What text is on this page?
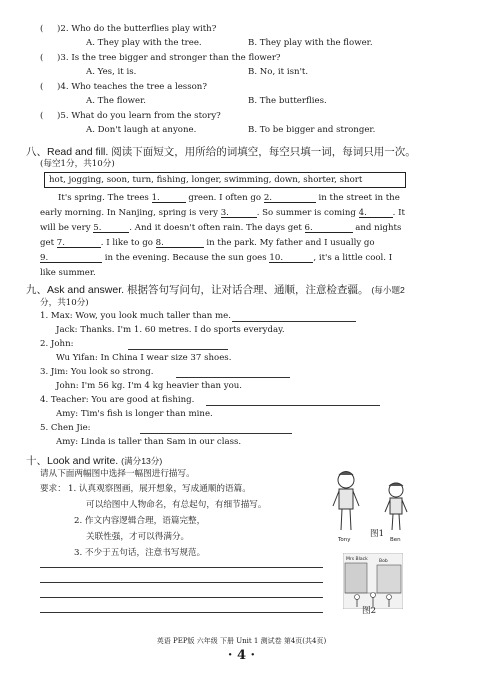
(     )2. Who do the butterflies play with?
A. They play with the tree.	B. They play with the flower.
(     )3. Is the tree bigger and stronger than the flower?
A. Yes, it is.	B. No, it isn't.
(     )4. Who teaches the tree a lesson?
A. The flower.	B. The butterflies.
(     )5. What do you learn from the story?
A. Don't laugh at anyone.	B. To be bigger and stronger.
八、Read and fill. 阅读下面短文，用所给的词填空，每空只填一词，每词只用一次。
(每空1分，共10分)
hot, jogging, soon, turn, fishing, longer, swimming, down, shorter, short
It's spring. The trees 1.	green. I often go 2.	in the street in the
early morning. In Nanjing, spring is very 3.	. So summer is coming 4.	. It
will be very 5.	. And it doesn't often rain. The days get 6.	and nights
get 7.	. I like to go 8.	in the park. My father and I usually go
9.	in the evening. Because the sun goes 10.	, it's a little cool. I
like summer.
九、Ask and answer. 根据答句写问句，让对话合理、通顺，注意检查疆。 (每小题2
分，共10分)
1. Max: Wow, you look much taller than me.
Jack: Thanks. I'm 1. 60 metres. I do sports everyday.
2. John:
Wu Yifan: In China I wear size 37 shoes.
3. Jim: You look so strong.
John: I'm 56 kg. I'm 4 kg heavier than you.
4. Teacher: You are good at fishing.
Amy: Tim's fish is longer than mine.
5. Chen Jie:
Amy: Linda is taller than Sam in our class.
十、Look and write. (满分13分)
请从下面两幅图中选择一幅图进行描写。
要求： 1. 认真观察图画，展开想象，写成通顺的语篇。
可以给图中人物命名，有总起句，有细节描写。
2. 作文内容逻辑合理，语篇完整，
关联性强，才可以得满分。
3. 不少于五句话，注意书写规范。
Tony	Ben
图1
Mrs Black	Bob
图2
英语 PEP版 六年级 下册 Unit 1 测试卷 第4页(共4页)
· 4 ·
